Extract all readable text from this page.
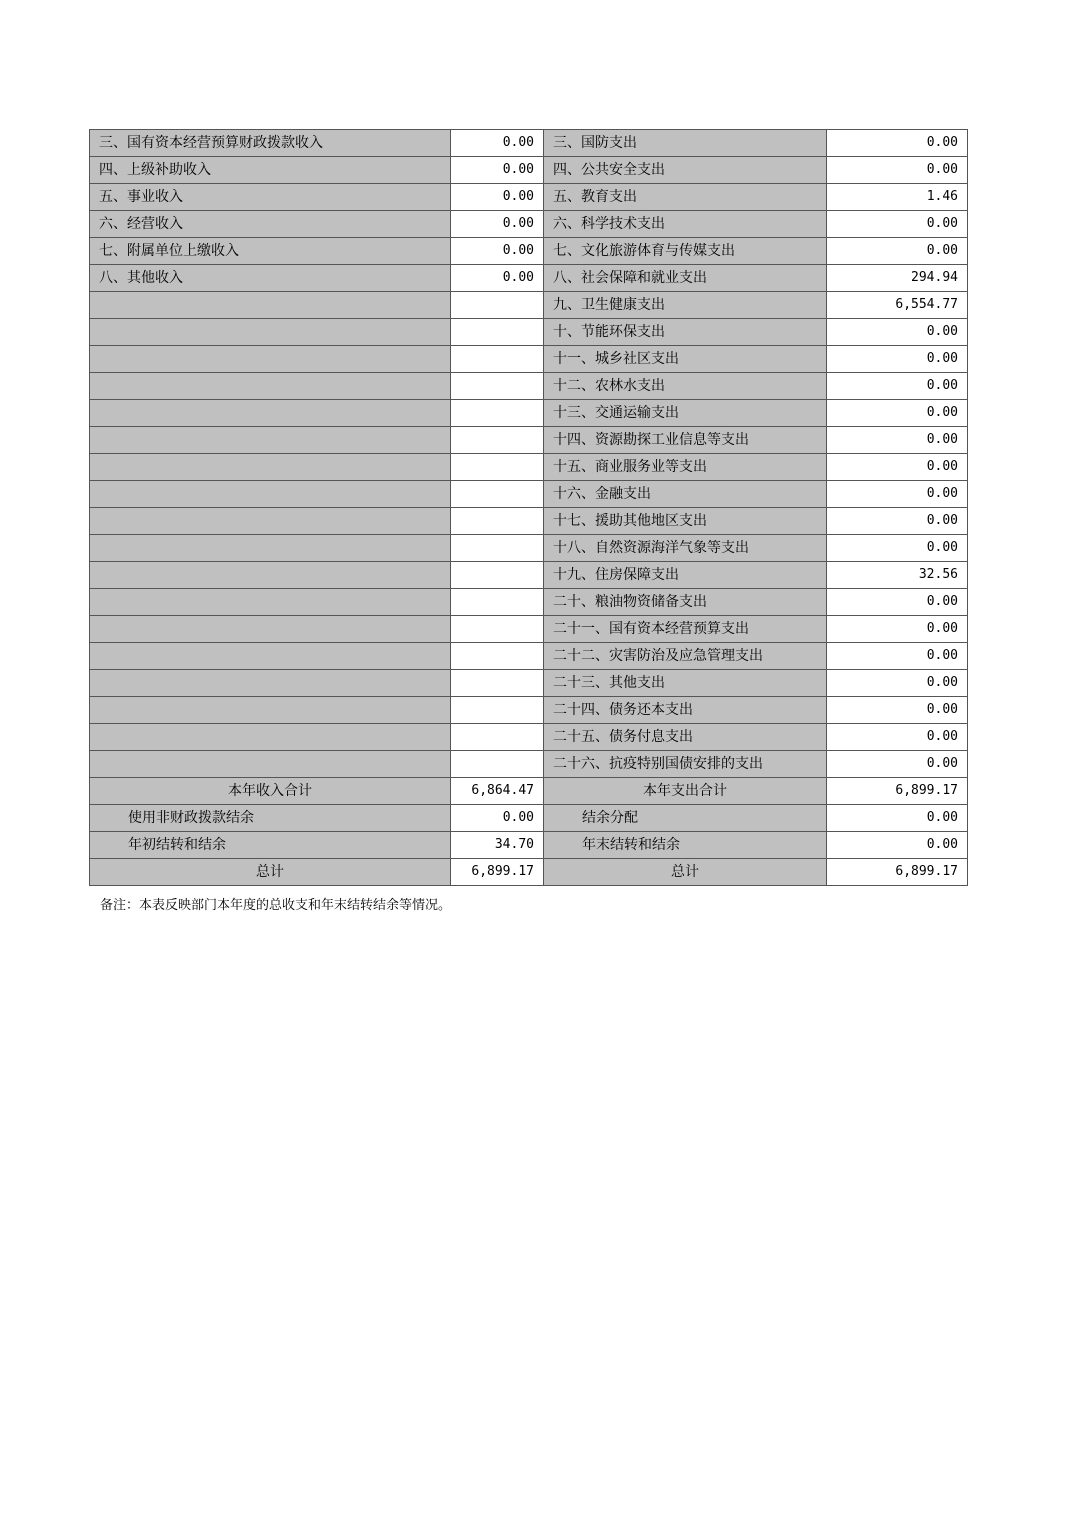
三、国有资本经营预算财政拨款收入	0.00	三、国防支出	0.00
四、上级补助收入	0.00	四、公共安全支出	0.00
五、事业收入	0.00	五、教育支出	1.46
六、经营收入	0.00	六、科学技术支出	0.00
七、附属单位上缴收入	0.00	七、文化旅游体育与传媒支出	0.00
八、其他收入	0.00	八、社会保障和就业支出	294.94
		九、卫生健康支出	6,554.77
		十、节能环保支出	0.00
		十一、城乡社区支出	0.00
		十二、农林水支出	0.00
		十三、交通运输支出	0.00
		十四、资源勘探工业信息等支出	0.00
		十五、商业服务业等支出	0.00
		十六、金融支出	0.00
		十七、援助其他地区支出	0.00
		十八、自然资源海洋气象等支出	0.00
		十九、住房保障支出	32.56
		二十、粮油物资储备支出	0.00
		二十一、国有资本经营预算支出	0.00
		二十二、灾害防治及应急管理支出	0.00
		二十三、其他支出	0.00
		二十四、债务还本支出	0.00
		二十五、债务付息支出	0.00
		二十六、抗疫特别国债安排的支出	0.00
本年收入合计	6,864.47	本年支出合计	6,899.17
使用非财政拨款结余	0.00	结余分配	0.00
年初结转和结余	34.70	年末结转和结余	0.00
总计	6,899.17	总计	6,899.17
备注：本表反映部门本年度的总收支和年末结转结余等情况。
